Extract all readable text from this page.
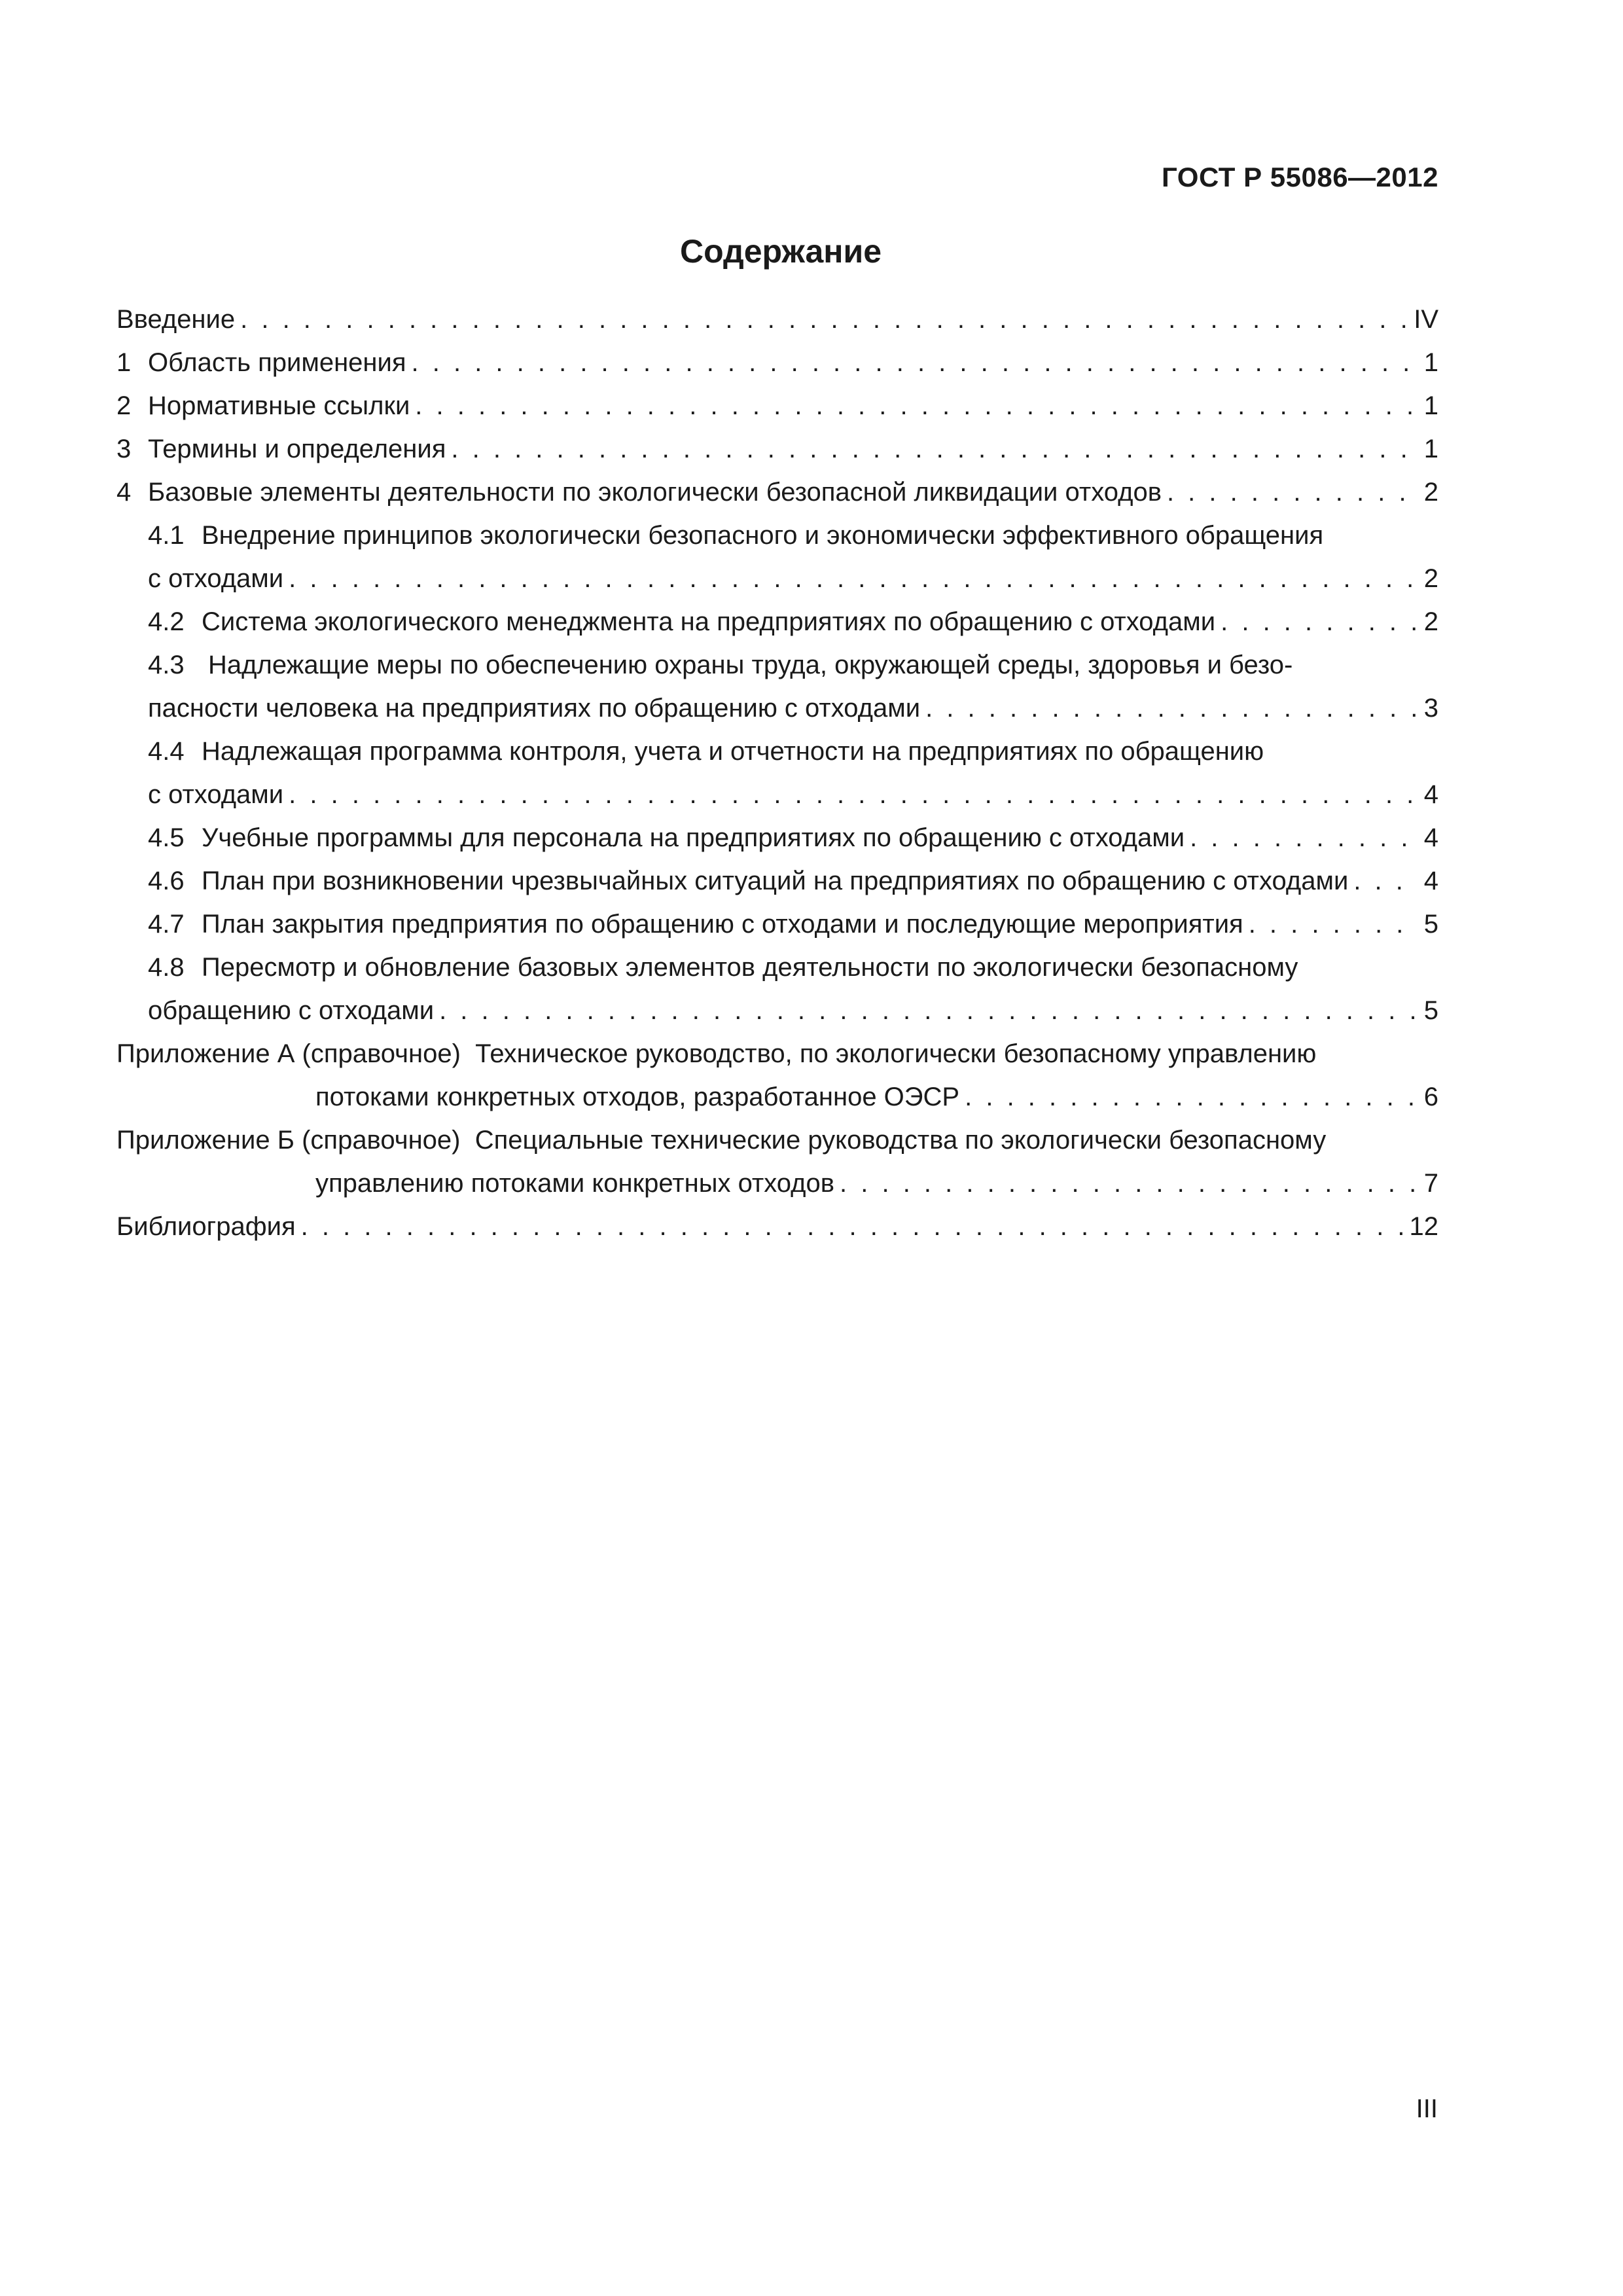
ГОСТ Р 55086—2012
Содержание
Введение . . .	IV
1 Область применения . . .	1
2 Нормативные ссылки . . .	1
3 Термины и определения . . .	1
4 Базовые элементы деятельности по экологически безопасной ликвидации отходов . . .	2
4.1 Внедрение принципов экологически безопасного и экономически эффективного обращения
с отходами . . .	2
4.2 Система экологического менеджмента на предприятиях по обращению с отходами . . .	2
4.3 Надлежащие меры по обеспечению охраны труда, окружающей среды, здоровья и безо-
пасности человека на предприятиях по обращению с отходами . . .	3
4.4 Надлежащая программа контроля, учета и отчетности на предприятиях по обращению
с отходами . . .	4
4.5 Учебные программы для персонала на предприятиях по обращению с отходами . . .	4
4.6 План при возникновении чрезвычайных ситуаций на предприятиях по обращению с отходами . . .	4
4.7 План закрытия предприятия по обращению с отходами и последующие мероприятия . . .	5
4.8 Пересмотр и обновление базовых элементов деятельности по экологически безопасному
обращению с отходами . . .	5
Приложение А (справочное)  Техническое руководство, по экологически безопасному управлению
потоками конкретных отходов, разработанное ОЭСР . . .	6
Приложение Б (справочное)  Специальные технические руководства по экологически безопасному
управлению потоками конкретных отходов . . .	7
Библиография . . .	12
III
